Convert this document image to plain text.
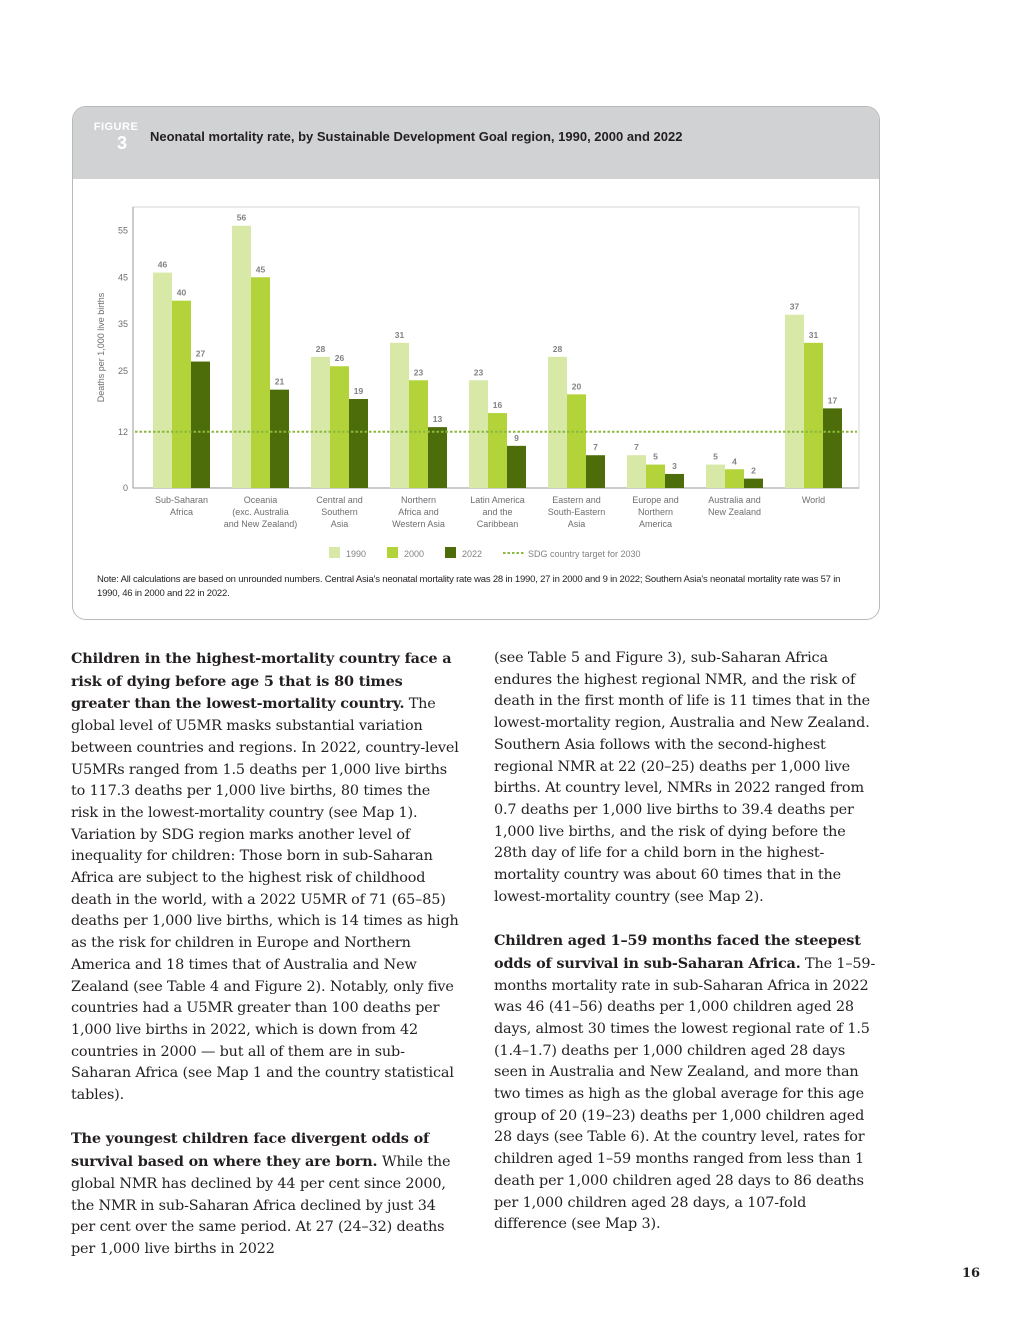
FIGURE
3	Neonatal mortality rate, by Sustainable Development Goal region, 1990, 2000 and 2022
0
12
25
35
45
55
Deaths per 1,000 live births
46
40
27
Sub-Saharan
Africa
56
45
21
Oceania
(exc. Australia
and New Zealand)
28
26
19
Central and
Southern
Asia
31
23
13
Northern
Africa and
Western Asia
23
16
9
Latin America
and the
Caribbean
28
20
7
Eastern and
South-Eastern
Asia
7
5
3
Europe and
Northern
America
5 4
2
Australia and
New Zealand
37
31
17
World
1990	2000	2022	SDG country target for 2030
Note: All calculations are based on unrounded numbers. Central Asia’s neonatal mortality rate was 28 in 1990, 27 in 2000 and 9 in 2022; Southern Asia’s neonatal mortality rate was 57 in 1990, 46 in 2000 and 22 in 2022.

Children in the highest-mortality country face a risk of dying before age 5 that is 80 times greater than the lowest-mortality country. The global level of U5MR masks substantial variation between countries and regions. In 2022, country-level U5MRs ranged from 1.5 deaths per 1,000 live births to 117.3 deaths per 1,000 live births, 80 times the risk in the lowest-mortality country (see Map 1). Variation by SDG region marks another level of inequality for children: Those born in sub-Saharan Africa are subject to the highest risk of childhood death in the world, with a 2022 U5MR of 71 (65–85) deaths per 1,000 live births, which is 14 times as high as the risk for children in Europe and Northern America and 18 times that of Australia and New Zealand (see Table 4 and Figure 2). Notably, only five countries had a U5MR greater than 100 deaths per 1,000 live births in 2022, which is down from 42 countries in 2000 — but all of them are in sub-Saharan Africa (see Map 1 and the country statistical tables).

The youngest children face divergent odds of survival based on where they are born. While the global NMR has declined by 44 per cent since 2000, the NMR in sub-Saharan Africa declined by just 34 per cent over the same period. At 27 (24–32) deaths per 1,000 live births in 2022

(see Table 5 and Figure 3), sub-Saharan Africa endures the highest regional NMR, and the risk of death in the first month of life is 11 times that in the lowest-mortality region, Australia and New Zealand. Southern Asia follows with the second-highest regional NMR at 22 (20–25) deaths per 1,000 live births. At country level, NMRs in 2022 ranged from 0.7 deaths per 1,000 live births to 39.4 deaths per 1,000 live births, and the risk of dying before the 28th day of life for a child born in the highest-mortality country was about 60 times that in the lowest-mortality country (see Map 2).

Children aged 1–59 months faced the steepest odds of survival in sub-Saharan Africa. The 1–59-months mortality rate in sub-Saharan Africa in 2022 was 46 (41–56) deaths per 1,000 children aged 28 days, almost 30 times the lowest regional rate of 1.5 (1.4–1.7) deaths per 1,000 children aged 28 days seen in Australia and New Zealand, and more than two times as high as the global average for this age group of 20 (19–23) deaths per 1,000 children aged 28 days (see Table 6). At the country level, rates for children aged 1–59 months ranged from less than 1 death per 1,000 children aged 28 days to 86 deaths per 1,000 children aged 28 days, a 107-fold difference (see Map 3).

16
